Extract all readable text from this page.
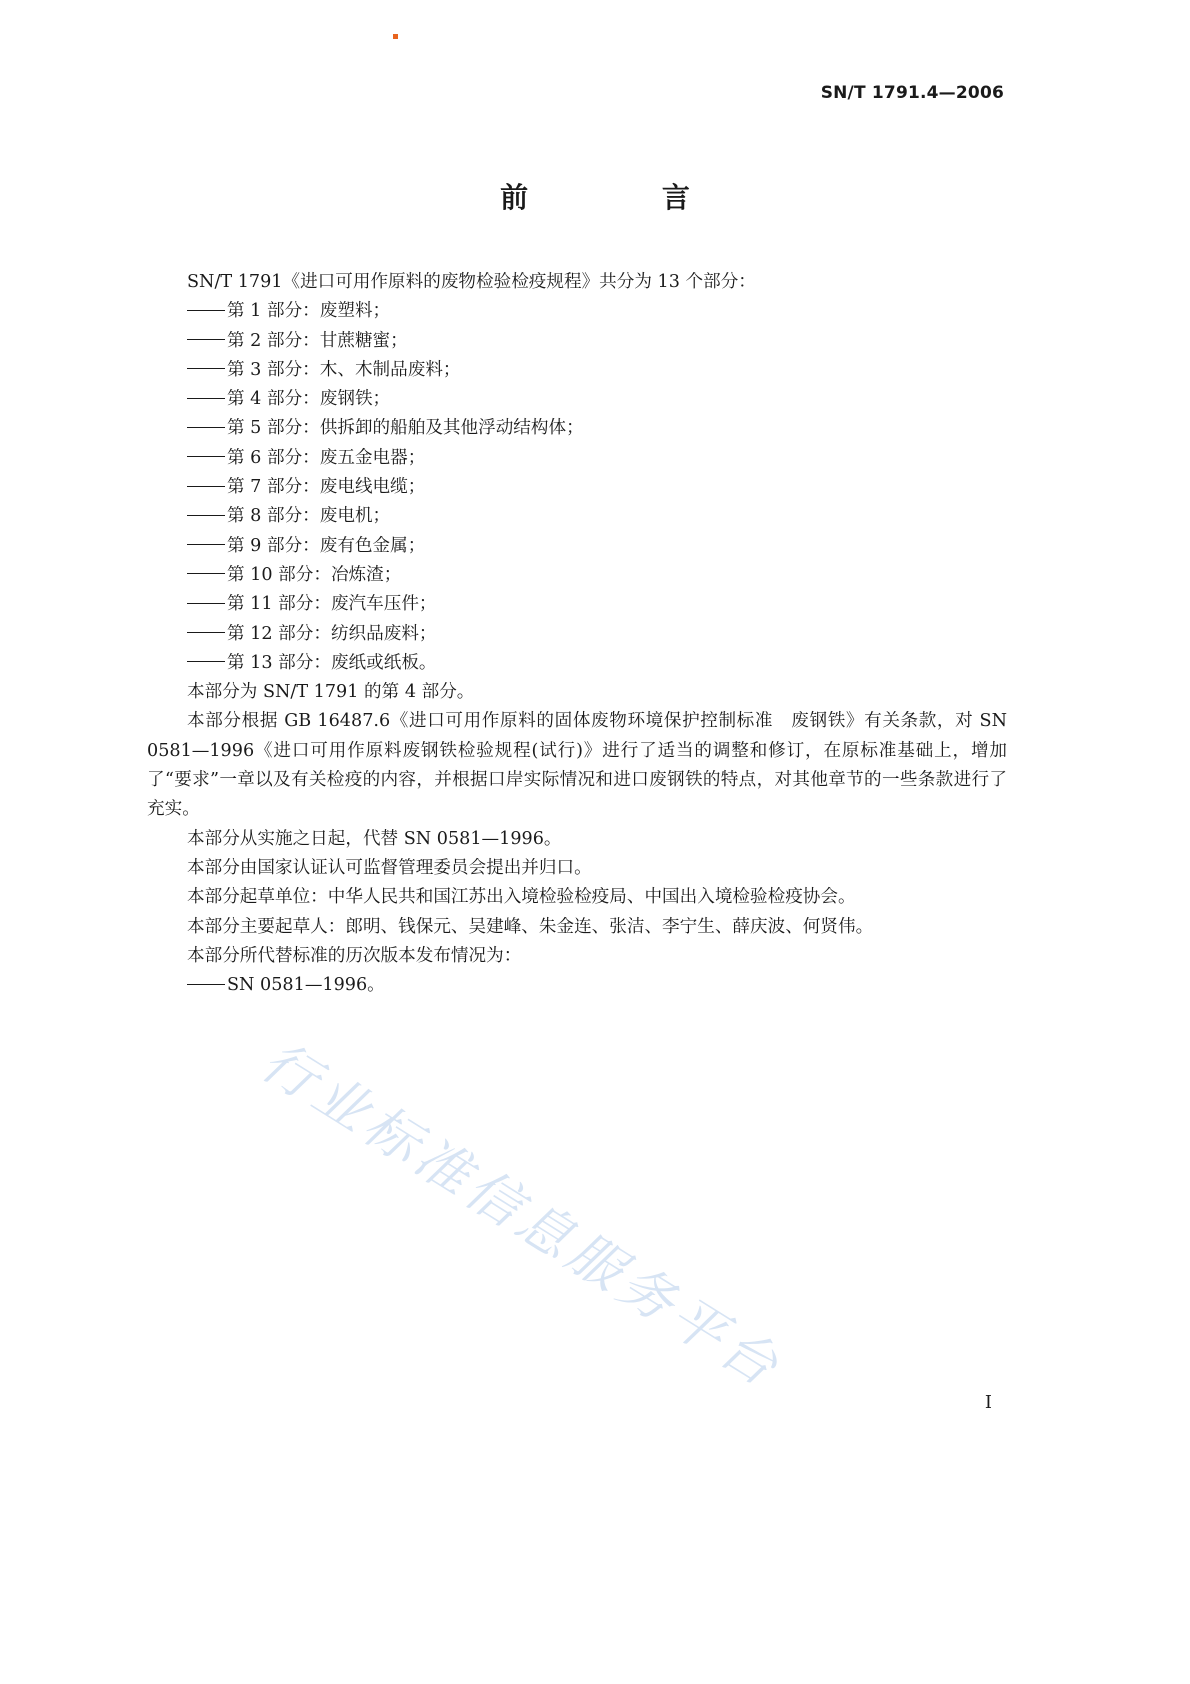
SN/T 1791.4—2006
前 言

SN/T 1791《进口可用作原料的废物检验检疫规程》共分为 13 个部分：

第 1 部分：废塑料；
第 2 部分：甘蔗糖蜜；
第 3 部分：木、木制品废料；
第 4 部分：废钢铁；
第 5 部分：供拆卸的船舶及其他浮动结构体；
第 6 部分：废五金电器；
第 7 部分：废电线电缆；
第 8 部分：废电机；
第 9 部分：废有色金属；
第 10 部分：冶炼渣；
第 11 部分：废汽车压件；
第 12 部分：纺织品废料；
第 13 部分：废纸或纸板。

本部分为 SN/T 1791 的第 4 部分。

本部分根据 GB 16487.6《进口可用作原料的固体废物环境保护控制标准　废钢铁》有关条款，对 SN 0581—1996《进口可用作原料废钢铁检验规程(试行)》进行了适当的调整和修订，在原标准基础上，增加了“要求”一章以及有关检疫的内容，并根据口岸实际情况和进口废钢铁的特点，对其他章节的一些条款进行了充实。

本部分从实施之日起，代替 SN 0581—1996。

本部分由国家认证认可监督管理委员会提出并归口。

本部分起草单位：中华人民共和国江苏出入境检验检疫局、中国出入境检验检疫协会。

本部分主要起草人：郎明、钱保元、吴建峰、朱金连、张洁、李宁生、薛庆波、何贤伟。

本部分所代替标准的历次版本发布情况为：

SN 0581—1996。
行业标准信息服务平台
I
